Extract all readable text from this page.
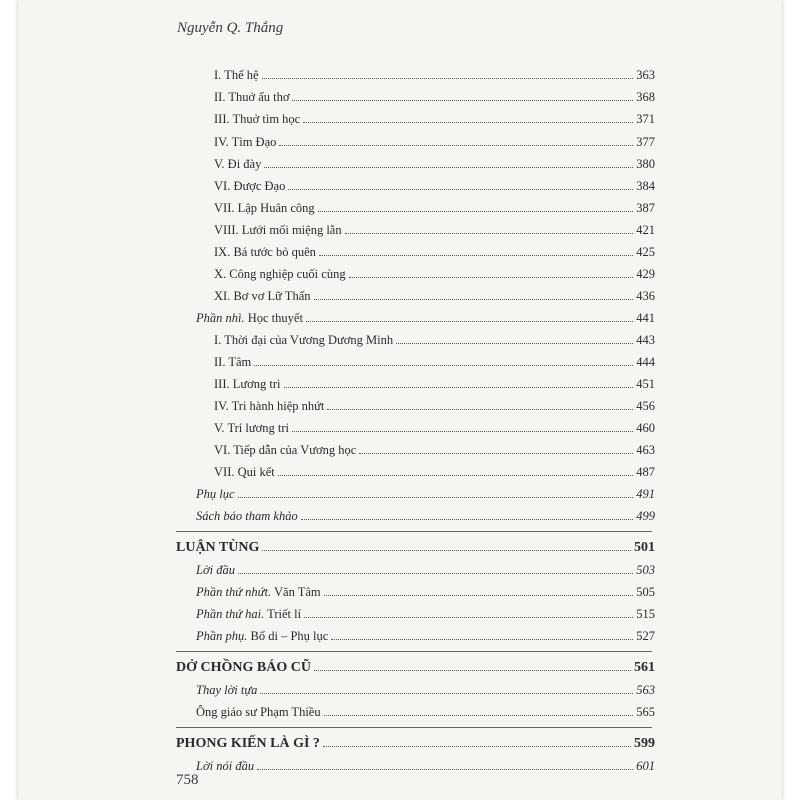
Nguyễn Q. Thắng
I. Thế hệ	363
II. Thuở ấu thơ	368
III. Thuở tìm học	371
IV. Tìm Đạo	377
V. Đi đày	380
VI. Được Đạo	384
VII. Lập Huân công	387
VIII. Lưới mối miệng lằn	421
IX. Bá tước bỏ quên	425
X. Công nghiệp cuối cùng	429
XI. Bơ vơ Lữ Thấn	436
Phần nhì. Học thuyết	441
I. Thời đại của Vương Dương Minh	443
II. Tâm	444
III. Lương tri	451
IV. Tri hành hiệp nhứt	456
V. Trí lương tri	460
VI. Tiếp dẫn của Vương học	463
VII. Qui kết	487
Phụ lục	491
Sách báo tham khảo	499
LUẬN TÙNG	501
Lời đầu	503
Phần thứ nhứt. Văn Tâm	505
Phần thứ hai. Triết lí	515
Phần phụ. Bổ di – Phụ lục	527
DỞ CHỒNG BÁO CŨ	561
Thay lời tựa	563
Ông giáo sư Phạm Thiều	565
PHONG KIẾN LÀ GÌ ?	599
Lời nói đầu	601
758
